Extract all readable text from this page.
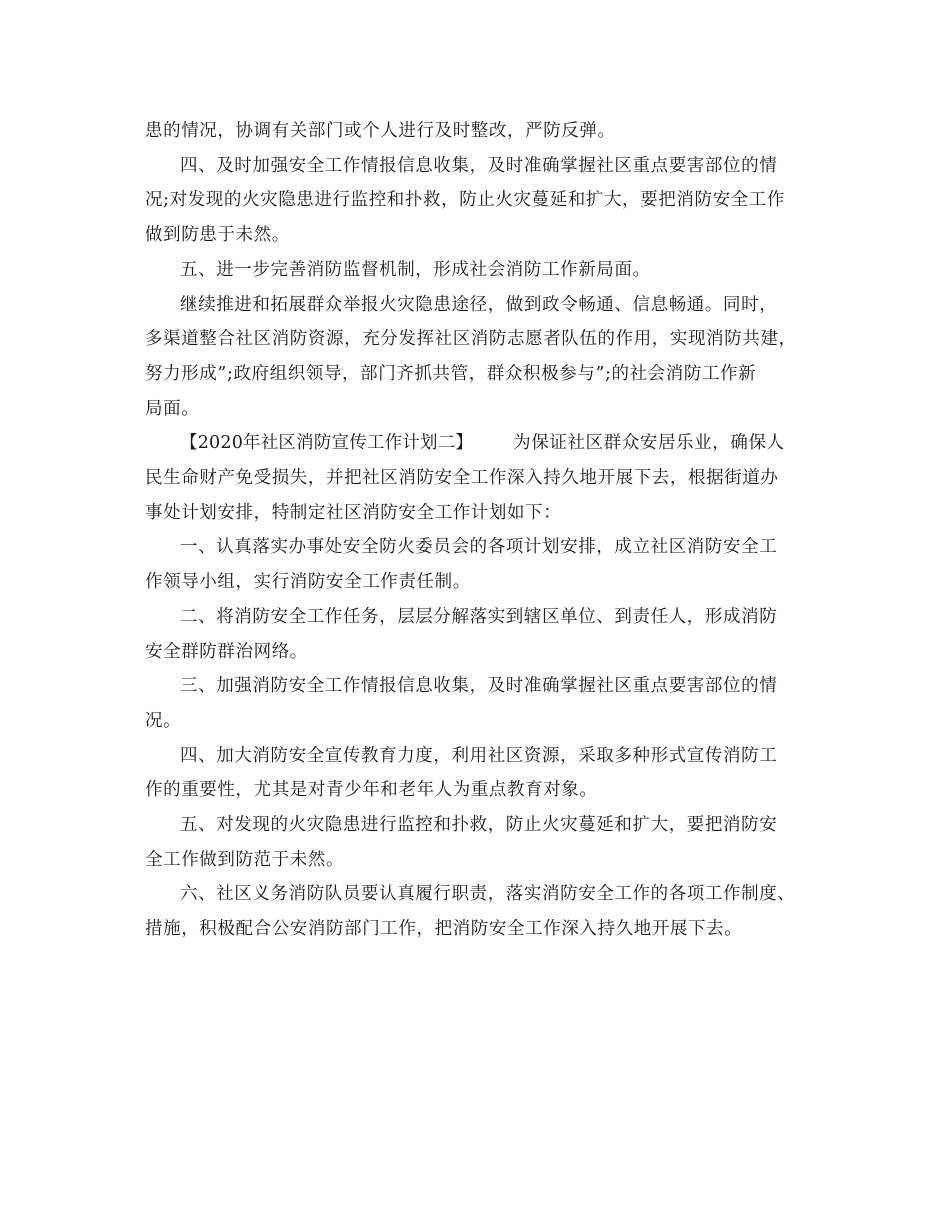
患的情况，协调有关部门或个人进行及时整改，严防反弹。
四、及时加强安全工作情报信息收集，及时准确掌握社区重点要害部位的情
况;对发现的火灾隐患进行监控和扑救，防止火灾蔓延和扩大，要把消防安全工作
做到防患于未然。
五、进一步完善消防监督机制，形成社会消防工作新局面。
继续推进和拓展群众举报火灾隐患途径，做到政令畅通、信息畅通。同时，
多渠道整合社区消防资源，充分发挥社区消防志愿者队伍的作用，实现消防共建，
努力形成”;政府组织领导，部门齐抓共管，群众积极参与”;的社会消防工作新
局面。
【2020年社区消防宣传工作计划二】 为保证社区群众安居乐业，确保人
民生命财产免受损失，并把社区消防安全工作深入持久地开展下去，根据街道办
事处计划安排，特制定社区消防安全工作计划如下：
一、认真落实办事处安全防火委员会的各项计划安排，成立社区消防安全工
作领导小组，实行消防安全工作责任制。
二、将消防安全工作任务，层层分解落实到辖区单位、到责任人，形成消防
安全群防群治网络。
三、加强消防安全工作情报信息收集，及时准确掌握社区重点要害部位的情
况。
四、加大消防安全宣传教育力度，利用社区资源，采取多种形式宣传消防工
作的重要性，尤其是对青少年和老年人为重点教育对象。
五、对发现的火灾隐患进行监控和扑救，防止火灾蔓延和扩大，要把消防安
全工作做到防范于未然。
六、社区义务消防队员要认真履行职责，落实消防安全工作的各项工作制度、
措施，积极配合公安消防部门工作，把消防安全工作深入持久地开展下去。
